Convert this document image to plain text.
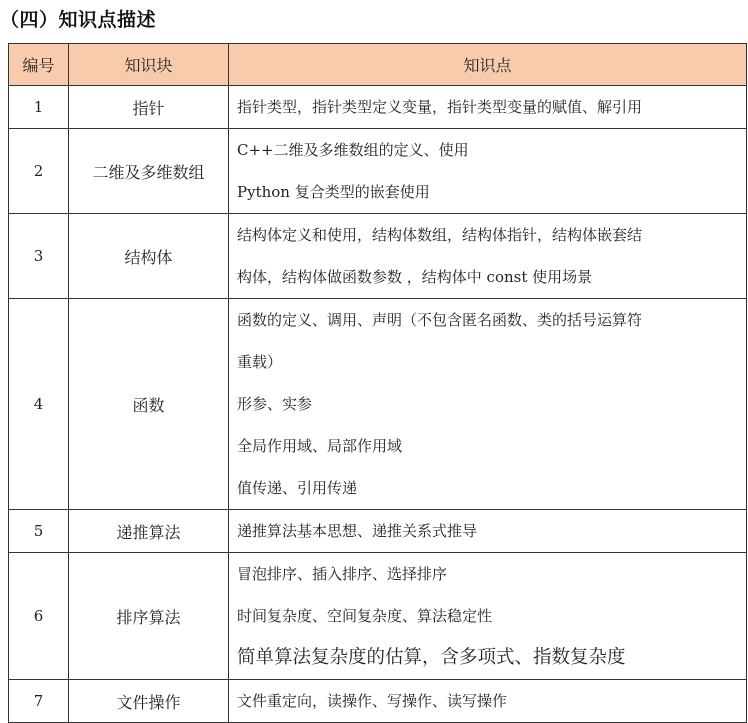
（四）知识点描述
编号	知识块	知识点
1	指针	指针类型，指针类型定义变量，指针类型变量的赋值、解引用

2	二维及多维数组	C++二维及多维数组的定义、使用
Python 复合类型的嵌套使用

3	结构体	结构体定义和使用，结构体数组，结构体指针，结构体嵌套结
构体，结构体做函数参数 ，结构体中 const 使用场景

4	函数	函数的定义、调用、声明（不包含匿名函数、类的括号运算符
重载）
形参、实参
全局作用域、局部作用域
值传递、引用传递

5	递推算法	递推算法基本思想、递推关系式推导

6	排序算法	冒泡排序、插入排序、选择排序
时间复杂度、空间复杂度、算法稳定性
简单算法复杂度的估算，含多项式、指数复杂度

7	文件操作	文件重定向，读操作、写操作、读写操作
